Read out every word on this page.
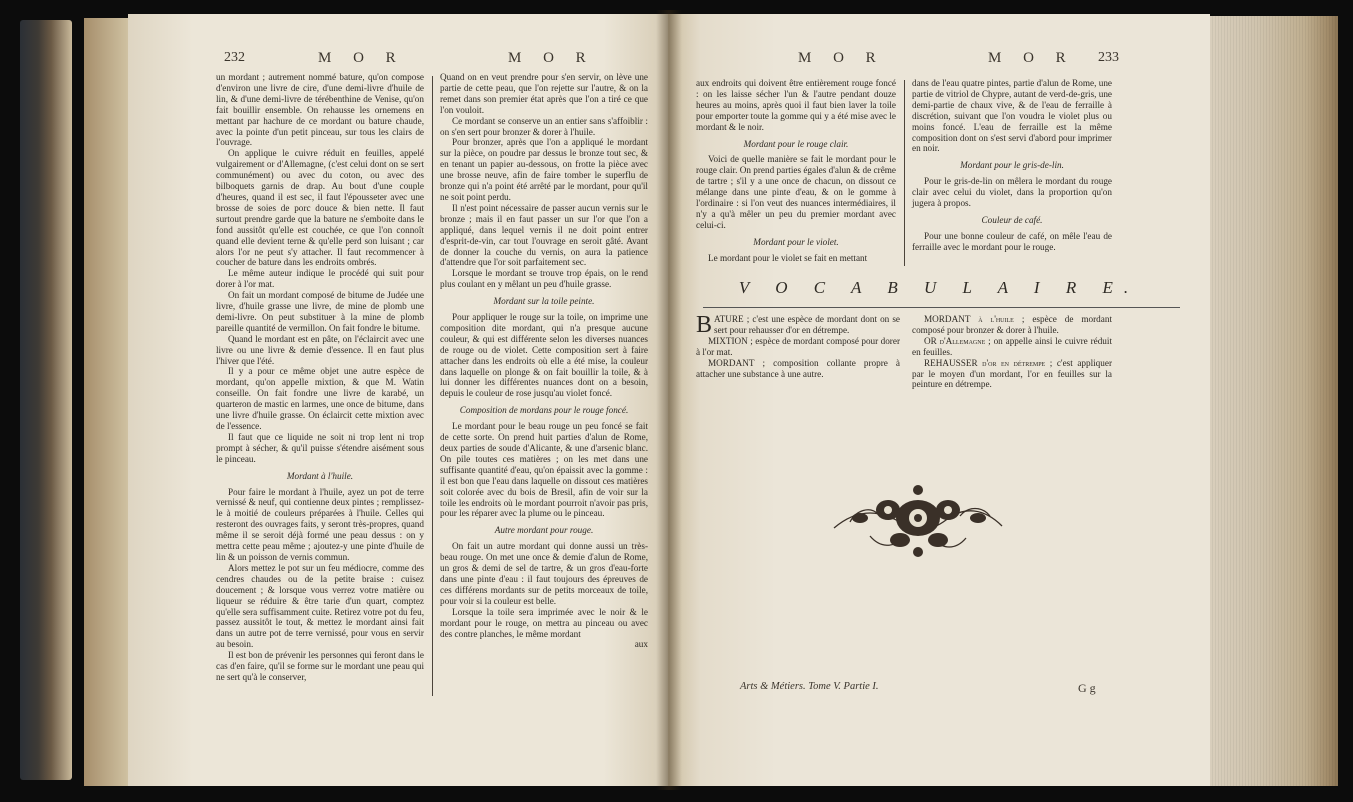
232	M O R	M O R

un mordant ; autrement nommé bature, qu'on compose d'environ une livre de cire, d'une demi-livre d'huile de lin, & d'une demi-livre de térébenthine de Venise, qu'on fait bouillir ensemble. On rehausse les ornemens en mettant par hachure de ce mordant ou bature chaude, avec la pointe d'un petit pinceau, sur tous les clairs de l'ouvrage.

On applique le cuivre réduit en feuilles, appelé vulgairement or d'Allemagne, (c'est celui dont on se sert communément) ou avec du coton, ou avec des bilboquets garnis de drap. Au bout d'une couple d'heures, quand il est sec, il faut l'épousseter avec une brosse de soies de porc douce & bien nette. Il faut surtout prendre garde que la bature ne s'emboite dans le fond aussitôt qu'elle est couchée, ce que l'on connoît quand elle devient terne & qu'elle perd son luisant ; car alors l'or ne peut s'y attacher. Il faut recommencer à coucher de bature dans les endroits ombrés.

Le même auteur indique le procédé qui suit pour dorer à l'or mat.

On fait un mordant composé de bitume de Judée une livre, d'huile grasse une livre, de mine de plomb une demi-livre. On peut substituer à la mine de plomb pareille quantité de vermillon. On fait fondre le bitume.

Quand le mordant est en pâte, on l'éclaircit avec une livre ou une livre & demie d'essence. Il en faut plus l'hiver que l'été.

Il y a pour ce même objet une autre espèce de mordant, qu'on appelle mixtion, & que M. Watin conseille. On fait fondre une livre de karabé, un quarteron de mastic en larmes, une once de bitume, dans une livre d'huile grasse. On éclaircit cette mixtion avec de l'essence.

Il faut que ce liquide ne soit ni trop lent ni trop prompt à sécher, & qu'il puisse s'étendre aisément sous le pinceau.

Mordant à l'huile.

Pour faire le mordant à l'huile, ayez un pot de terre vernissé & neuf, qui contienne deux pintes ; remplissez-le à moitié de couleurs préparées à l'huile. Celles qui resteront des ouvrages faits, y seront très-propres, quand même il se seroit déjà formé une peau dessus : on y mettra cette peau même ; ajoutez-y une pinte d'huile de lin & un poisson de vernis commun.

Alors mettez le pot sur un feu médiocre, comme des cendres chaudes ou de la petite braise : cuisez doucement ; & lorsque vous verrez votre matière ou liqueur se réduire & être tarie d'un quart, comptez qu'elle sera suffisamment cuite. Retirez votre pot du feu, passez aussitôt le tout, & mettez le mordant ainsi fait dans un autre pot de terre vernissé, pour vous en servir au besoin.

Il est bon de prévenir les personnes qui feront dans le cas d'en faire, qu'il se forme sur le mordant une peau qui ne sert qu'à le conserver,

Quand on en veut prendre pour s'en servir, on lève une partie de cette peau, que l'on rejette sur l'autre, & on la remet dans son premier état après que l'on a tiré ce que l'on vouloit.

Ce mordant se conserve un an entier sans s'affoiblir : on s'en sert pour bronzer & dorer à l'huile.

Pour bronzer, après que l'on a appliqué le mordant sur la pièce, on poudre par dessus le bronze tout sec, & en tenant un papier au-dessous, on frotte la pièce avec une brosse neuve, afin de faire tomber le superflu de bronze qui n'a point été arrêté par le mordant, pour qu'il ne soit point perdu.

Il n'est point nécessaire de passer aucun vernis sur le bronze ; mais il en faut passer un sur l'or que l'on a appliqué, dans lequel vernis il ne doit point entrer d'esprit-de-vin, car tout l'ouvrage en seroit gâté. Avant de donner la couche du vernis, on aura la patience d'attendre que l'or soit parfaitement sec.

Lorsque le mordant se trouve trop épais, on le rend plus coulant en y mêlant un peu d'huile grasse.

Mordant sur la toile peinte.

Pour appliquer le rouge sur la toile, on imprime une composition dite mordant, qui n'a presque aucune couleur, & qui est différente selon les diverses nuances de rouge ou de violet. Cette composition sert à faire attacher dans les endroits où elle a été mise, la couleur dans laquelle on plonge & on fait bouillir la toile, & à lui donner les différentes nuances dont on a besoin, depuis le couleur de rose jusqu'au violet foncé.

Composition de mordans pour le rouge foncé.

Le mordant pour le beau rouge un peu foncé se fait de cette sorte. On prend huit parties d'alun de Rome, deux parties de soude d'Alicante, & une d'arsenic blanc. On pile toutes ces matières ; on les met dans une suffisante quantité d'eau, qu'on épaissit avec la gomme : il est bon que l'eau dans laquelle on dissout ces matières soit colorée avec du bois de Bresil, afin de voir sur la toile les endroits où le mordant pourroit n'avoir pas pris, pour les réparer avec la plume ou le pinceau.

Autre mordant pour rouge.

On fait un autre mordant qui donne aussi un très-beau rouge. On met une once & demie d'alun de Rome, un gros & demi de sel de tartre, & un gros d'eau-forte dans une pinte d'eau : il faut toujours des épreuves de ces différens mordants sur de petits morceaux de toile, pour voir si la couleur est belle.

Lorsque la toile sera imprimée avec le noir & le mordant pour le rouge, on mettra au pinceau ou avec des contre planches, le même mordant

aux

M O R	M O R 233

aux endroits qui doivent être entièrement rouge foncé : on les laisse sécher l'un & l'autre pendant douze heures au moins, après quoi il faut bien laver la toile pour emporter toute la gomme qui y a été mise avec le mordant & le noir.

Mordant pour le rouge clair.

Voici de quelle manière se fait le mordant pour le rouge clair. On prend parties égales d'alun & de crême de tartre ; s'il y a une once de chacun, on dissout ce mélange dans une pinte d'eau, & on le gomme à l'ordinaire : si l'on veut des nuances intermédiaires, il n'y a qu'à mêler un peu du premier mordant avec celui-ci.

Mordant pour le violet.

Le mordant pour le violet se fait en mettant

dans de l'eau quatre pintes, partie d'alun de Rome, une partie de vitriol de Chypre, autant de verd-de-gris, une demi-partie de chaux vive, & de l'eau de ferraille à discrétion, suivant que l'on voudra le violet plus ou moins foncé. L'eau de ferraille est la même composition dont on s'est servi d'abord pour imprimer en noir.

Mordant pour le gris-de-lin.

Pour le gris-de-lin on mêlera le mordant du rouge clair avec celui du violet, dans la proportion qu'on jugera à propos.

Couleur de café.

Pour une bonne couleur de café, on mêle l'eau de ferraille avec le mordant pour le rouge.

V O C A B U L A I R E.

BATURE ; c'est une espèce de mordant dont on se sert pour rehausser d'or en détrempe.

MIXTION ; espèce de mordant composé pour dorer à l'or mat.

MORDANT ; composition collante propre à attacher une substance à une autre.

MORDANT à l'huile ; espèce de mordant composé pour bronzer & dorer à l'huile.

OR d'Allemagne ; on appelle ainsi le cuivre réduit en feuilles.

REHAUSSER d'or en détrempe ; c'est appliquer par le moyen d'un mordant, l'or en feuilles sur la peinture en détrempe.

Arts & Métiers. Tome V. Partie I.	G g
